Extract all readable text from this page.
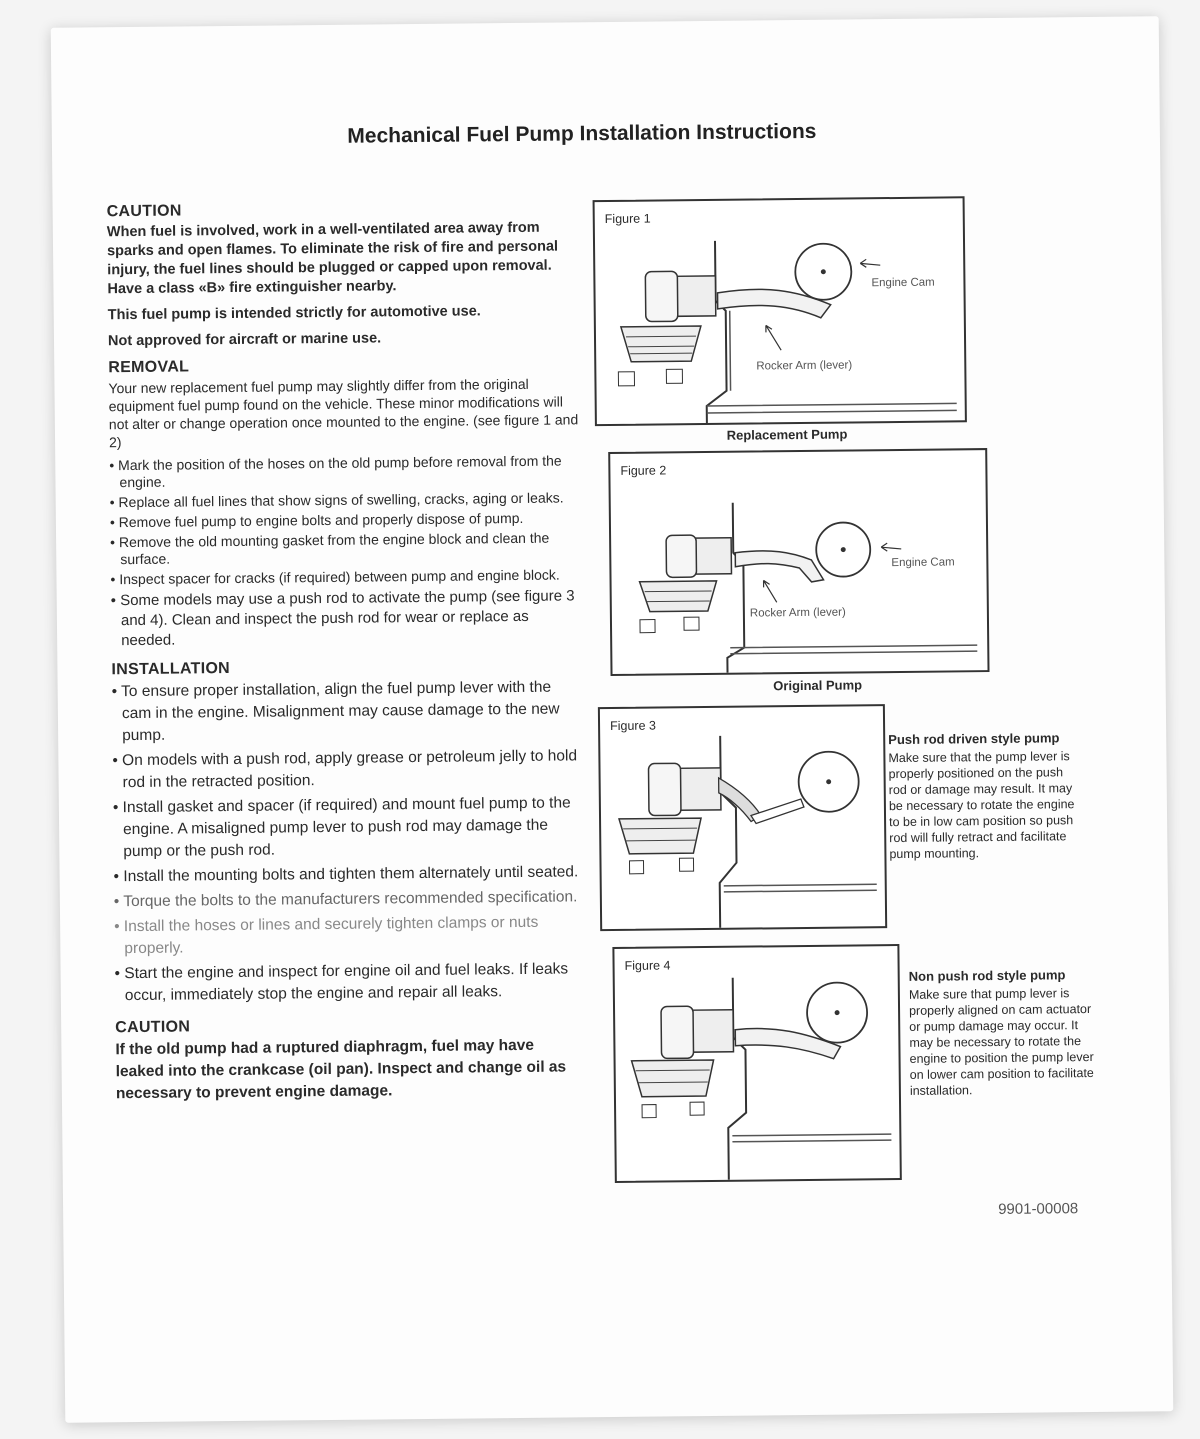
Mechanical Fuel Pump Installation Instructions
CAUTION
When fuel is involved, work in a well-ventilated area away from sparks and open flames. To eliminate the risk of fire and personal injury, the fuel lines should be plugged or capped upon removal. Have a class «B» fire extinguisher nearby.
This fuel pump is intended strictly for automotive use.
Not approved for aircraft or marine use.
REMOVAL
Your new replacement fuel pump may slightly differ from the original equipment fuel pump found on the vehicle. These minor modifications will not alter or change operation once mounted to the engine. (see figure 1 and 2)
• Mark the position of the hoses on the old pump before removal from the engine.
• Replace all fuel lines that show signs of swelling, cracks, aging or leaks.
• Remove fuel pump to engine bolts and properly dispose of pump.
• Remove the old mounting gasket from the engine block and clean the surface.
• Inspect spacer for cracks (if required) between pump and engine block.
• Some models may use a push rod to activate the pump (see figure 3 and 4). Clean and inspect the push rod for wear or replace as needed.
INSTALLATION
• To ensure proper installation, align the fuel pump lever with the cam in the engine. Misalignment may cause damage to the new pump.
• On models with a push rod, apply grease or petroleum jelly to hold rod in the retracted position.
• Install gasket and spacer (if required) and mount fuel pump to the engine. A misaligned pump lever to push rod may damage the pump or the push rod.
• Install the mounting bolts and tighten them alternately until seated.
• Torque the bolts to the manufacturers recommended specification.
• Install the hoses or lines and securely tighten clamps or nuts properly.
• Start the engine and inspect for engine oil and fuel leaks. If leaks occur, immediately stop the engine and repair all leaks.
CAUTION
If the old pump had a ruptured diaphragm, fuel may have leaked into the crankcase (oil pan). Inspect and change oil as necessary to prevent engine damage.
Figure 1
Engine Cam
Rocker Arm (lever)
Replacement Pump
Figure 2
Engine Cam
Rocker Arm (lever)
Original Pump
Figure 3
Push rod driven style pump
Make sure that the pump lever is properly positioned on the push rod or damage may result. It may be necessary to rotate the engine to be in low cam position so push rod will fully retract and facilitate pump mounting.
Figure 4
Non push rod style pump
Make sure that pump lever is properly aligned on cam actuator or pump damage may occur. It may be necessary to rotate the engine to position the pump lever on lower cam position to facilitate installation.
9901-00008
